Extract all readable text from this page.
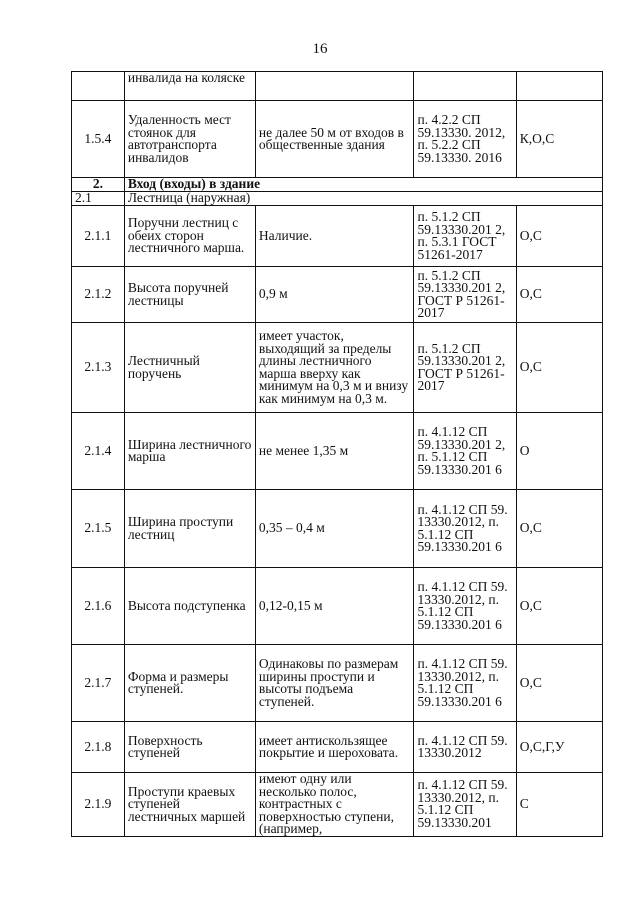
16
	инвалида на коляске			
1.5.4	Удаленность мест стоянок для автотранспорта инвалидов	не далее 50 м от входов в общественные здания	п. 4.2.2 СП 59.13330. 2012, п. 5.2.2 СП 59.13330. 2016	К,О,С
2.	Вход (входы) в здание			
2.1	Лестница (наружная)			
2.1.1	Поручни лестниц с обеих сторон лестничного марша.	Наличие.	п. 5.1.2 СП 59.13330.201 2, п. 5.3.1 ГОСТ 51261-2017	О,С
2.1.2	Высота поручней лестницы	0,9 м	п. 5.1.2 СП 59.13330.201 2, ГОСТ Р 51261-2017	О,С
2.1.3	Лестничный поручень	имеет участок, выходящий за пределы длины лестничного марша вверху как минимум на 0,3 м и внизу как минимум на 0,3 м.	п. 5.1.2 СП 59.13330.201 2, ГОСТ Р 51261-2017	О,С
2.1.4	Ширина лестничного марша	не менее 1,35 м	п. 4.1.12 СП 59.13330.201 2, п. 5.1.12 СП 59.13330.201 6	О
2.1.5	Ширина проступи лестниц	0,35 – 0,4 м	п. 4.1.12 СП 59. 13330.2012, п. 5.1.12 СП 59.13330.201 6	О,С
2.1.6	Высота подступенка	0,12-0,15 м	п. 4.1.12 СП 59. 13330.2012, п. 5.1.12 СП 59.13330.201 6	О,С
2.1.7	Форма и размеры ступеней.	Одинаковы по размерам ширины проступи и высоты подъема ступеней.	п. 4.1.12 СП 59. 13330.2012, п. 5.1.12 СП 59.13330.201 6	О,С
2.1.8	Поверхность ступеней	имеет антискользящее покрытие и шероховата.	п. 4.1.12 СП 59. 13330.2012	О,С,Г,У
2.1.9	Проступи краевых ступеней лестничных маршей	имеют одну или несколько полос, контрастных с поверхностью ступени, (например,	п. 4.1.12 СП 59. 13330.2012, п. 5.1.12 СП 59.13330.201	С
